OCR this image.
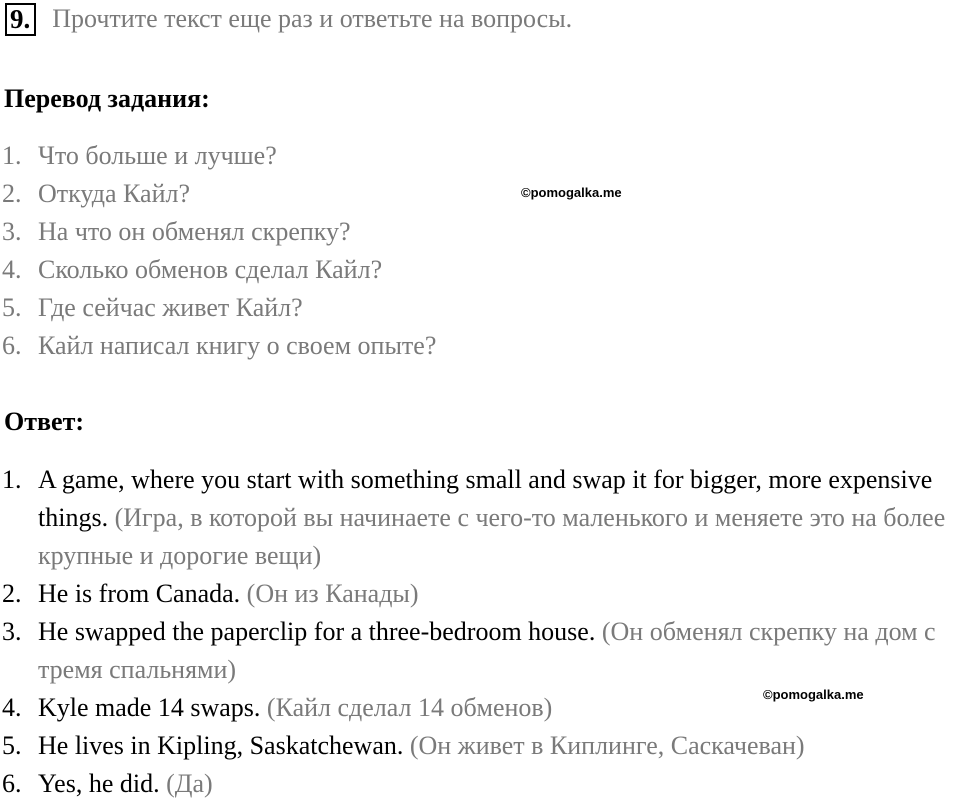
9. Прочтите текст еще раз и ответьте на вопросы.
Перевод задания:
1. Что больше и лучше?
2. Откуда Кайл?
3. На что он обменял скрепку?
4. Сколько обменов сделал Кайл?
5. Где сейчас живет Кайл?
6. Кайл написал книгу о своем опыте?
Ответ:
1. A game, where you start with something small and swap it for bigger, more expensive things. (Игра, в которой вы начинаете с чего-то маленького и меняете это на более крупные и дорогие вещи)
2. He is from Canada. (Он из Канады)
3. He swapped the paperclip for a three-bedroom house. (Он обменял скрепку на дом с тремя спальнями)
4. Kyle made 14 swaps. (Кайл сделал 14 обменов)
5. He lives in Kipling, Saskatchewan. (Он живет в Киплинге, Саскачеван)
6. Yes, he did. (Да)
©pomogalka.me
©pomogalka.me
